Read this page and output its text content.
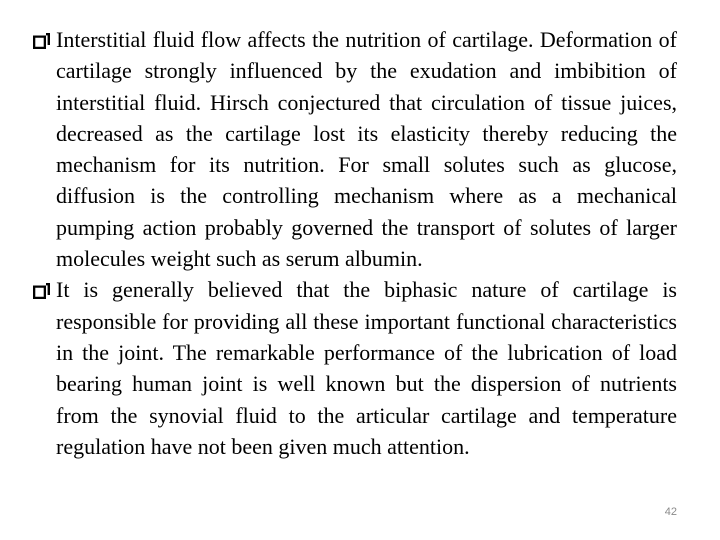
Interstitial fluid flow affects the nutrition of cartilage. Deformation of cartilage strongly influenced by the exudation and imbibition of interstitial fluid. Hirsch conjectured that circulation of tissue juices, decreased as the cartilage lost its elasticity thereby reducing the mechanism for its nutrition. For small solutes such as glucose, diffusion is the controlling mechanism where as a mechanical pumping action probably governed the transport of solutes of larger molecules weight such as serum albumin.
It is generally believed that the biphasic nature of cartilage is responsible for providing all these important functional characteristics in the joint. The remarkable performance of the lubrication of load bearing human joint is well known but the dispersion of nutrients from the synovial fluid to the articular cartilage and temperature regulation have not been given much attention.
42
